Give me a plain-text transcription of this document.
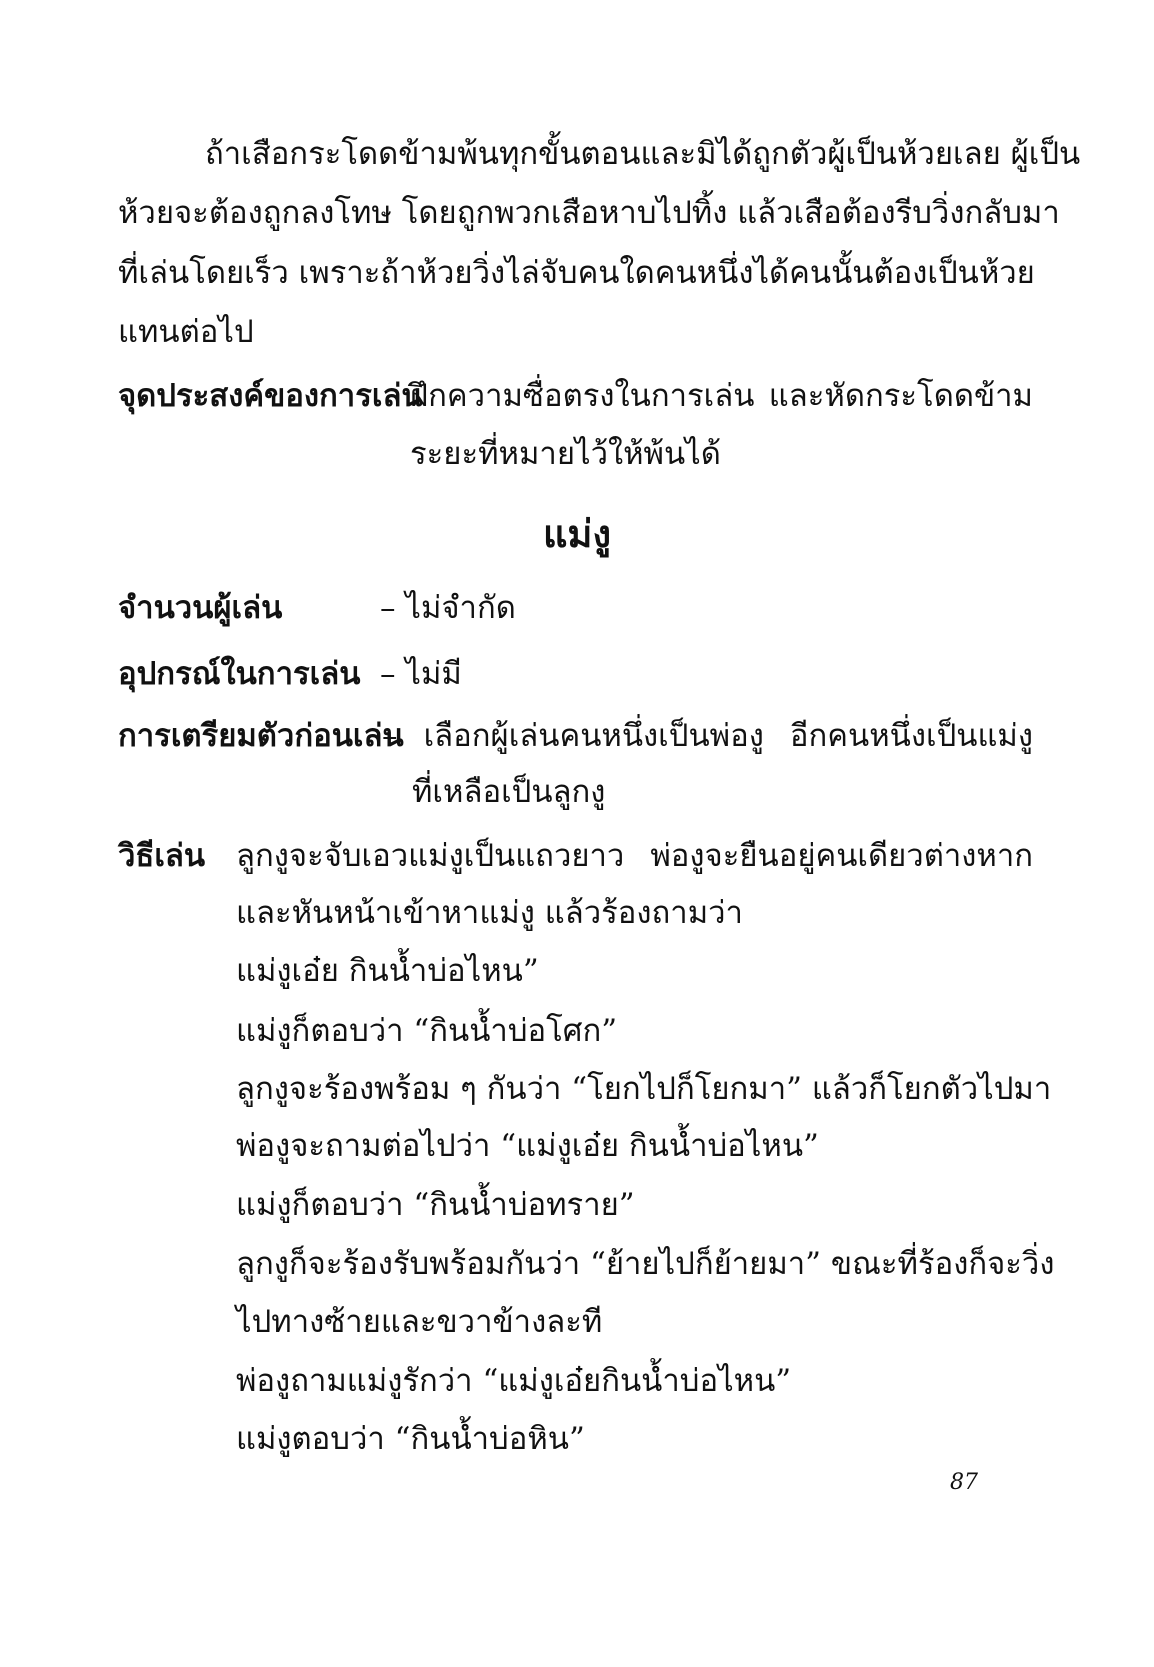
ถ้าเสือกระโดดข้ามพ้นทุกขั้นตอนและมิได้ถูกตัวผู้เป็นห้วยเลย ผู้เป็น
ห้วยจะต้องถูกลงโทษ โดยถูกพวกเสือหาบไปทิ้ง แล้วเสือต้องรีบวิ่งกลับมา
ที่เล่นโดยเร็ว เพราะถ้าห้วยวิ่งไล่จับคนใดคนหนึ่งได้คนนั้นต้องเป็นห้วย
แทนต่อไป
จุดประสงค์ของการเล่น
ฝึกความซื่อตรงในการเล่น และหัดกระโดดข้าม
ระยะที่หมายไว้ให้พ้นได้
แม่งู
จำนวนผู้เล่น	– ไม่จำกัด
อุปกรณ์ในการเล่น – ไม่มี
การเตรียมตัวก่อนเล่น
– เลือกผู้เล่นคนหนึ่งเป็นพ่องู อีกคนหนึ่งเป็นแม่งู
ที่เหลือเป็นลูกงู
วิธีเล่น ลูกงูจะจับเอวแม่งูเป็นแถวยาว พ่องูจะยืนอยู่คนเดียวต่างหาก
และหันหน้าเข้าหาแม่งู แล้วร้องถามว่า
แม่งูเอ๋ย กินน้ำบ่อไหน”
แม่งูก็ตอบว่า “กินน้ำบ่อโศก”
ลูกงูจะร้องพร้อม ๆ กันว่า “โยกไปก็โยกมา” แล้วก็โยกตัวไปมา
พ่องูจะถามต่อไปว่า “แม่งูเอ๋ย กินน้ำบ่อไหน”
แม่งูก็ตอบว่า “กินน้ำบ่อทราย”
ลูกงูก็จะร้องรับพร้อมกันว่า “ย้ายไปก็ย้ายมา” ขณะที่ร้องก็จะวิ่ง
ไปทางซ้ายและขวาข้างละที
พ่องูถามแม่งูรักว่า “แม่งูเอ๋ยกินน้ำบ่อไหน”
แม่งูตอบว่า “กินน้ำบ่อหิน”
87
